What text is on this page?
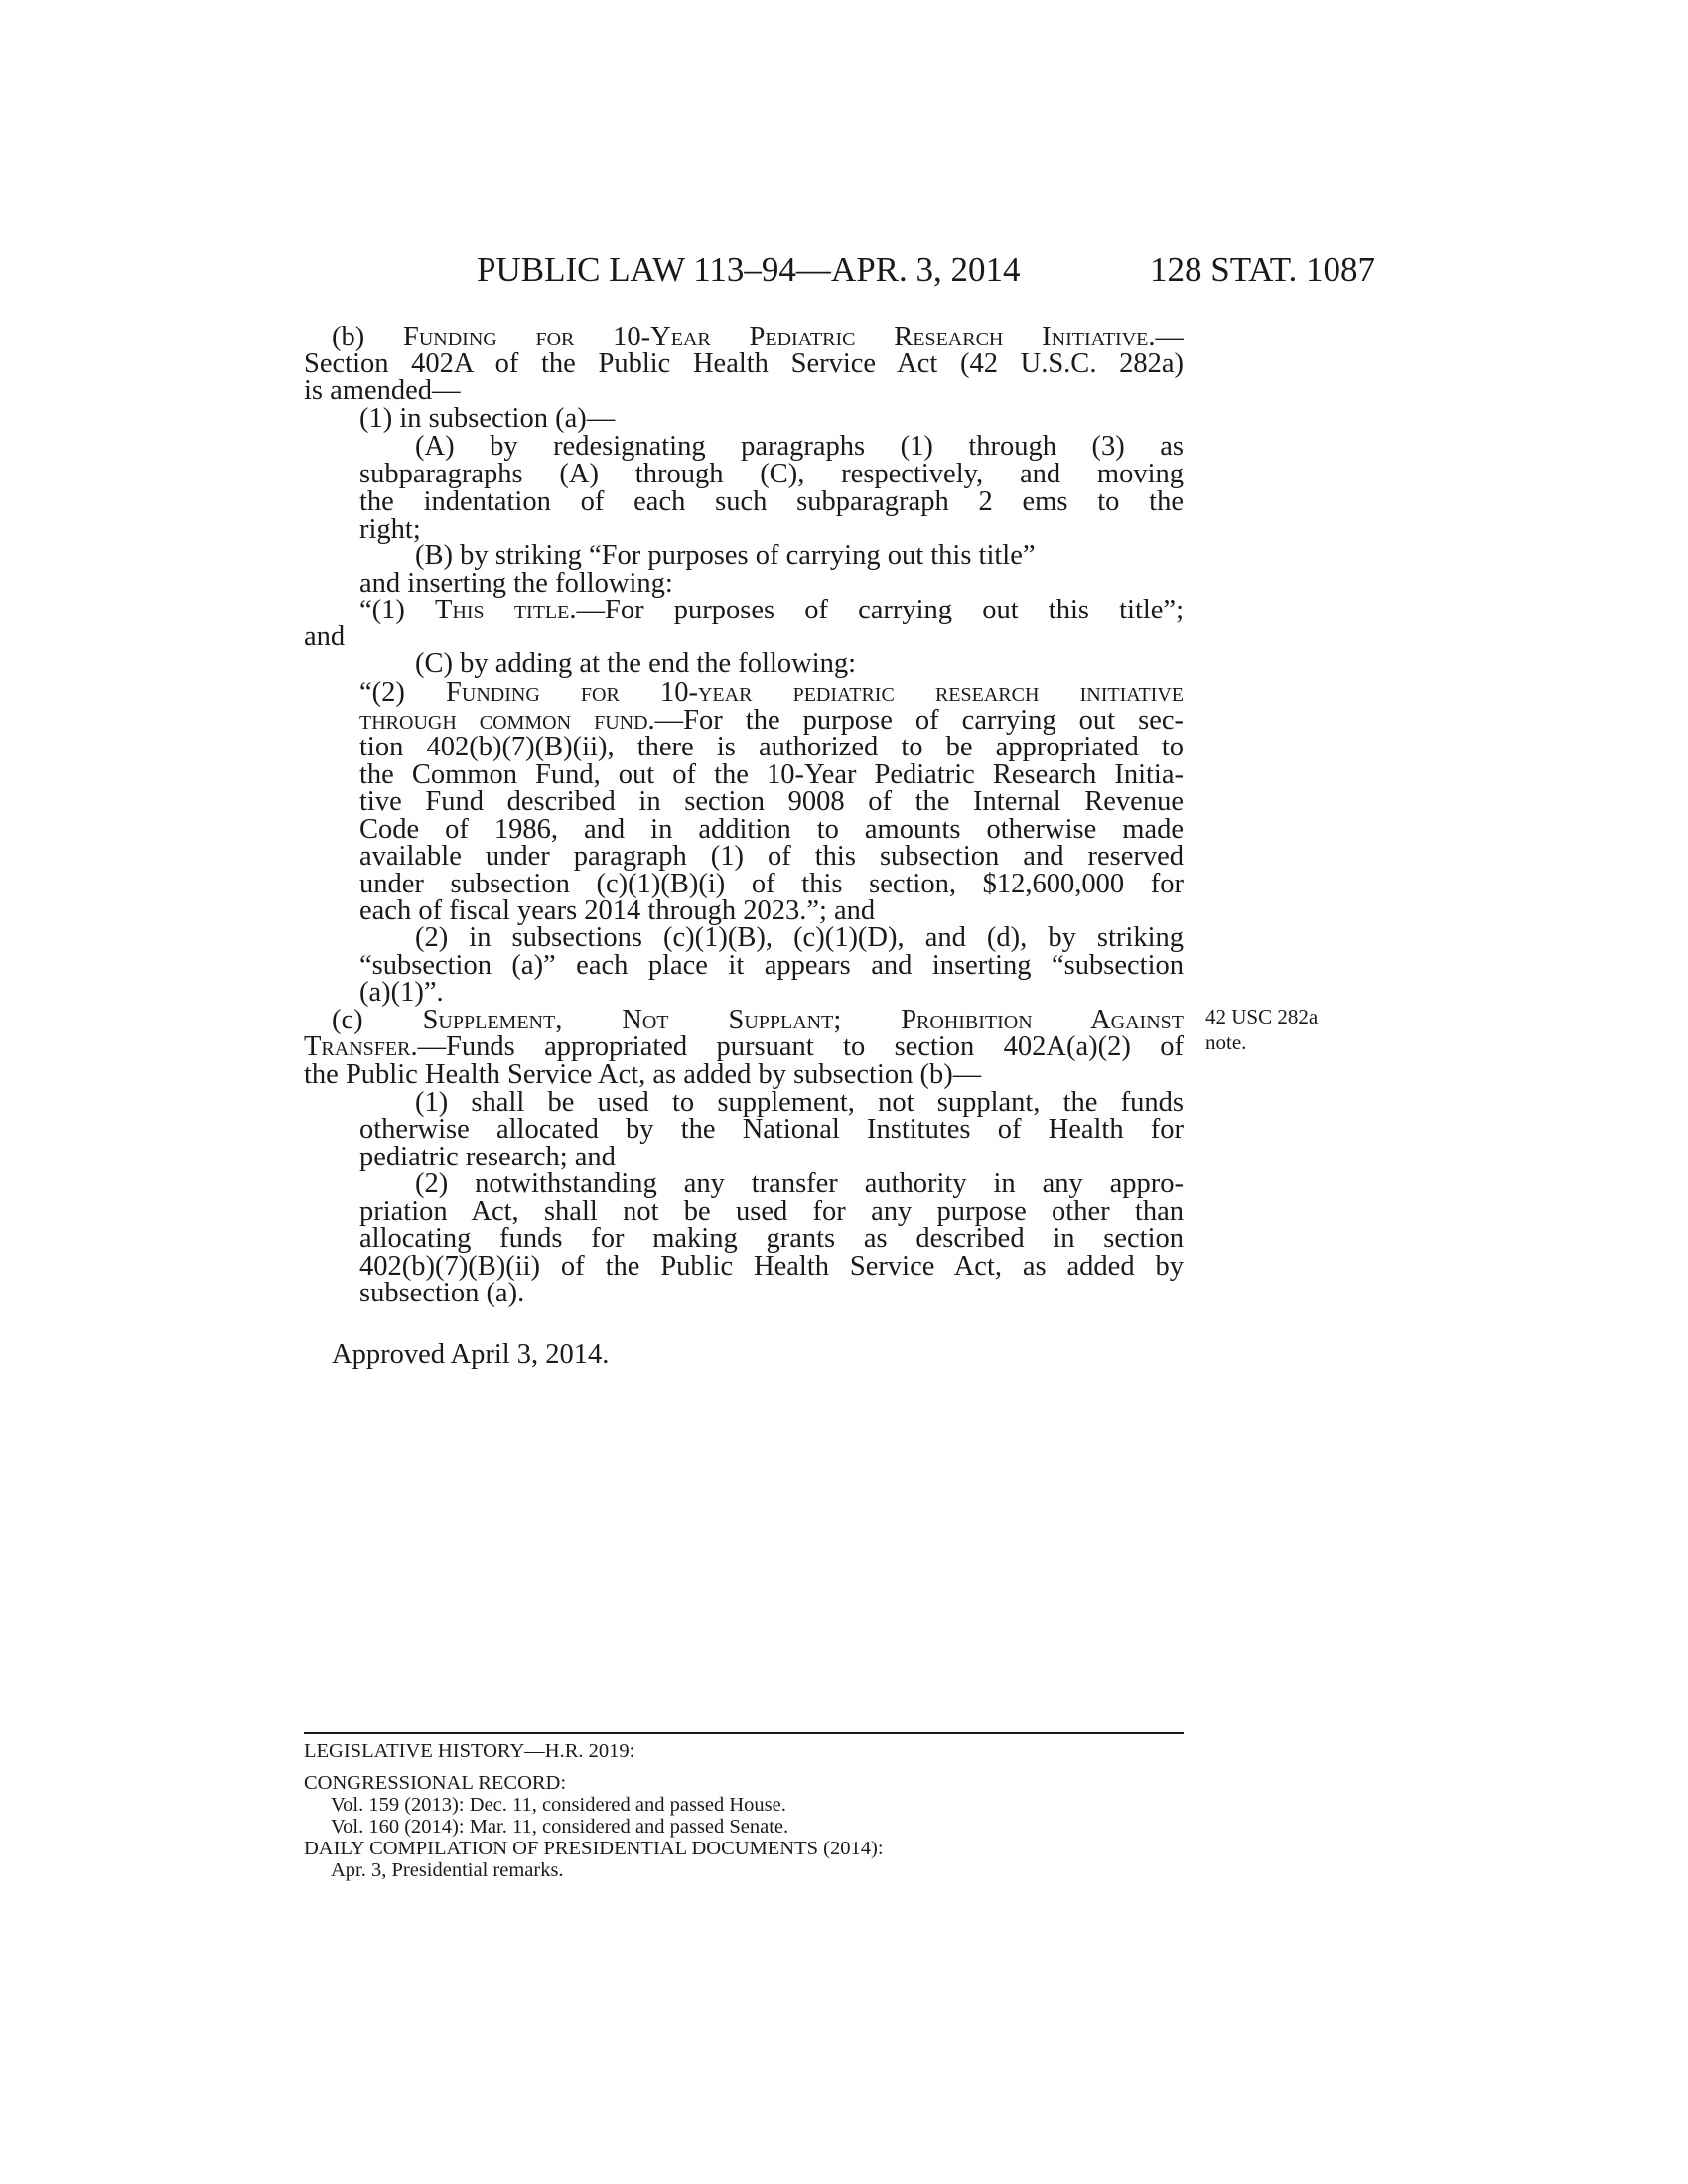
PUBLIC LAW 113–94—APR. 3, 2014	128 STAT. 1087
(b) Funding for 10-Year Pediatric Research Initiative.—
Section 402A of the Public Health Service Act (42 U.S.C. 282a)
is amended—
(1) in subsection (a)—
(A) by redesignating paragraphs (1) through (3) as
subparagraphs (A) through (C), respectively, and moving
the indentation of each such subparagraph 2 ems to the
right;
(B) by striking “For purposes of carrying out this title”
and inserting the following:
“(1) This title.—For purposes of carrying out this title”;
and
(C) by adding at the end the following:
“(2) Funding for 10-year pediatric research initiative
through common fund.—For the purpose of carrying out sec-
tion 402(b)(7)(B)(ii), there is authorized to be appropriated to
the Common Fund, out of the 10-Year Pediatric Research Initia-
tive Fund described in section 9008 of the Internal Revenue
Code of 1986, and in addition to amounts otherwise made
available under paragraph (1) of this subsection and reserved
under subsection (c)(1)(B)(i) of this section, $12,600,000 for
each of fiscal years 2014 through 2023.”; and
(2) in subsections (c)(1)(B), (c)(1)(D), and (d), by striking
“subsection (a)” each place it appears and inserting “subsection
(a)(1)”.
(c) Supplement, Not Supplant; Prohibition Against
Transfer.—Funds appropriated pursuant to section 402A(a)(2) of
the Public Health Service Act, as added by subsection (b)—
(1) shall be used to supplement, not supplant, the funds
otherwise allocated by the National Institutes of Health for
pediatric research; and
(2) notwithstanding any transfer authority in any appro-
priation Act, shall not be used for any purpose other than
allocating funds for making grants as described in section
402(b)(7)(B)(ii) of the Public Health Service Act, as added by
subsection (a).
42 USC 282a
note.
Approved April 3, 2014.
LEGISLATIVE HISTORY—H.R. 2019:
CONGRESSIONAL RECORD:
Vol. 159 (2013): Dec. 11, considered and passed House.
Vol. 160 (2014): Mar. 11, considered and passed Senate.
DAILY COMPILATION OF PRESIDENTIAL DOCUMENTS (2014):
Apr. 3, Presidential remarks.
